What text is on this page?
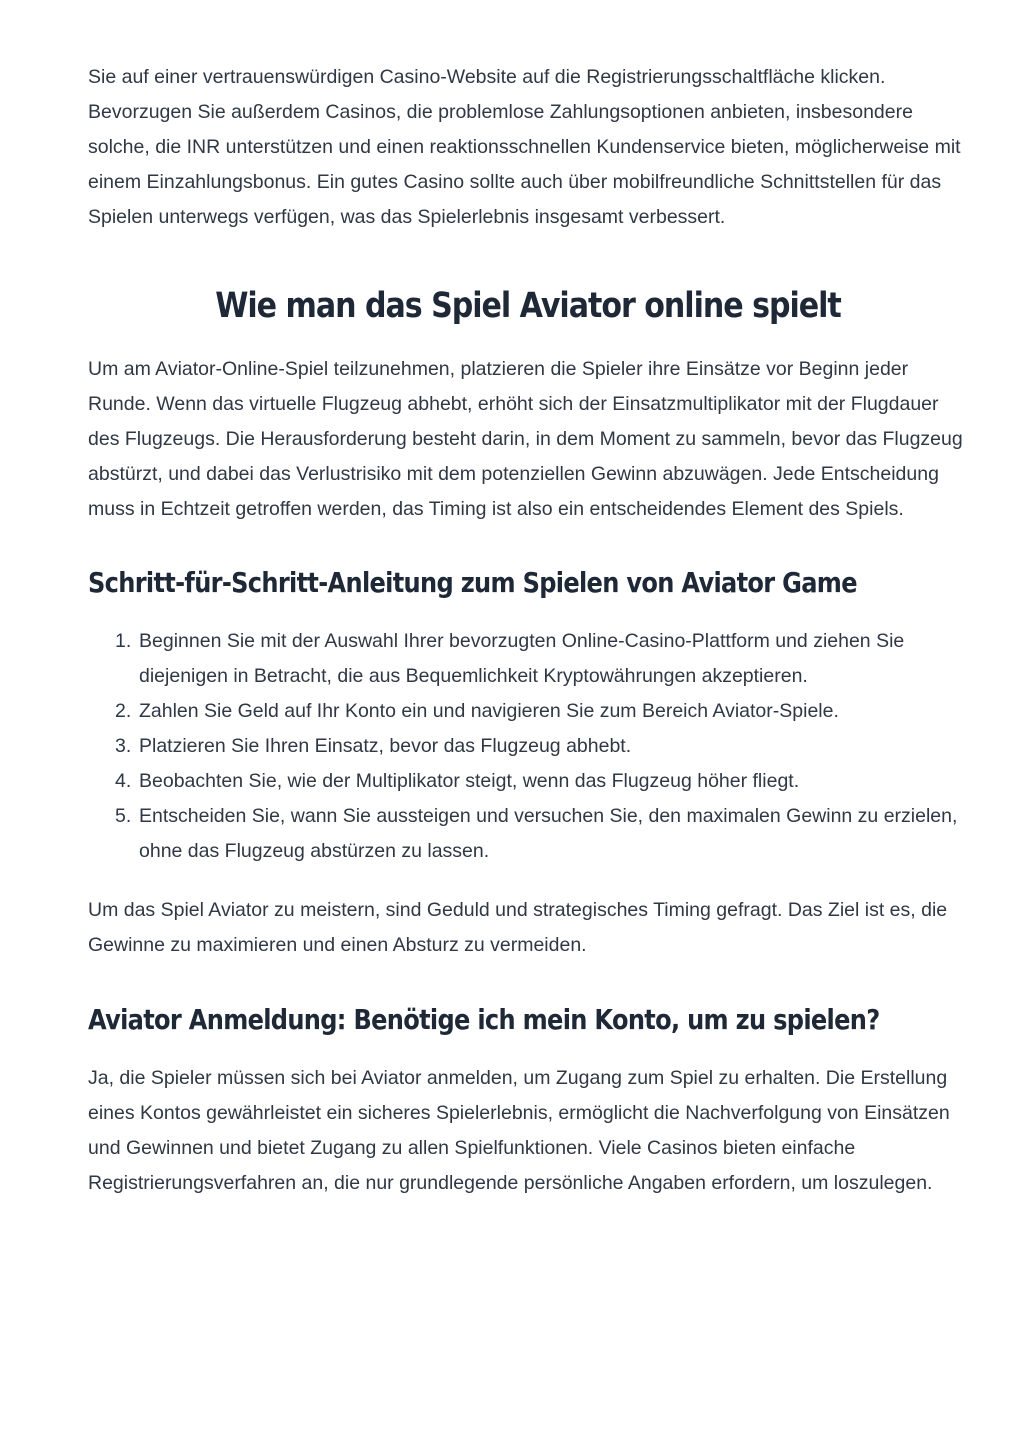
Sie auf einer vertrauenswürdigen Casino-Website auf die Registrierungsschaltfläche klicken. Bevorzugen Sie außerdem Casinos, die problemlose Zahlungsoptionen anbieten, insbesondere solche, die INR unterstützen und einen reaktionsschnellen Kundenservice bieten, möglicherweise mit einem Einzahlungsbonus. Ein gutes Casino sollte auch über mobilfreundliche Schnittstellen für das Spielen unterwegs verfügen, was das Spielerlebnis insgesamt verbessert.

Wie man das Spiel Aviator online spielt

Um am Aviator-Online-Spiel teilzunehmen, platzieren die Spieler ihre Einsätze vor Beginn jeder Runde. Wenn das virtuelle Flugzeug abhebt, erhöht sich der Einsatzmultiplikator mit der Flugdauer des Flugzeugs. Die Herausforderung besteht darin, in dem Moment zu sammeln, bevor das Flugzeug abstürzt, und dabei das Verlustrisiko mit dem potenziellen Gewinn abzuwägen. Jede Entscheidung muss in Echtzeit getroffen werden, das Timing ist also ein entscheidendes Element des Spiels.

Schritt-für-Schritt-Anleitung zum Spielen von Aviator Game
1. Beginnen Sie mit der Auswahl Ihrer bevorzugten Online-Casino-Plattform und ziehen Sie diejenigen in Betracht, die aus Bequemlichkeit Kryptowährungen akzeptieren.
2. Zahlen Sie Geld auf Ihr Konto ein und navigieren Sie zum Bereich Aviator-Spiele.
3. Platzieren Sie Ihren Einsatz, bevor das Flugzeug abhebt.
4. Beobachten Sie, wie der Multiplikator steigt, wenn das Flugzeug höher fliegt.
5. Entscheiden Sie, wann Sie aussteigen und versuchen Sie, den maximalen Gewinn zu erzielen, ohne das Flugzeug abstürzen zu lassen.

Um das Spiel Aviator zu meistern, sind Geduld und strategisches Timing gefragt. Das Ziel ist es, die Gewinne zu maximieren und einen Absturz zu vermeiden.

Aviator Anmeldung: Benötige ich mein Konto, um zu spielen?

Ja, die Spieler müssen sich bei Aviator anmelden, um Zugang zum Spiel zu erhalten. Die Erstellung eines Kontos gewährleistet ein sicheres Spielerlebnis, ermöglicht die Nachverfolgung von Einsätzen und Gewinnen und bietet Zugang zu allen Spielfunktionen. Viele Casinos bieten einfache Registrierungsverfahren an, die nur grundlegende persönliche Angaben erfordern, um loszulegen.
